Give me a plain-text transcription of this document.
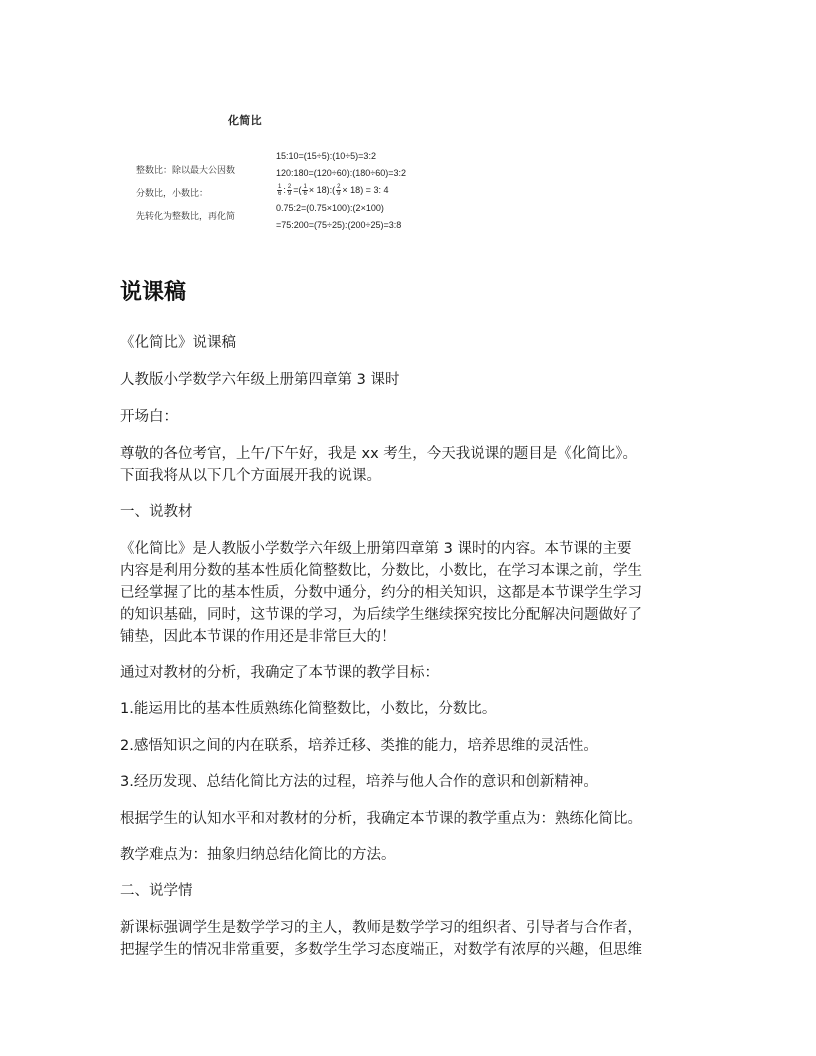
化简比
整数比：除以最大公因数
分数比，小数比：
先转化为整数比，再化简
15:10=(15÷5):(10÷5)=3:2
120:180=(120÷60):(180÷60)=3:2
$\frac{1}{6}$ : $\frac{2}{9}$ =( $\frac{1}{6}$ × 18):( $\frac{2}{9} \times 18) = 3$: 4
0.75:2=(0.75×100):(2×100)
=75:200=(75÷25):(200÷25)=3:8
说课稿

《化简比》说课稿

人教版小学数学六年级上册第四章第 3 课时

开场白：

尊敬的各位考官，上午/下午好，我是 xx 考生，今天我说课的题目是《化简比》。

下面我将从以下几个方面展开我的说课。

一、说教材

《化简比》是人教版小学数学六年级上册第四章第 3 课时的内容。本节课的主要

内容是利用分数的基本性质化简整数比，分数比，小数比，在学习本课之前，学生

已经掌握了比的基本性质，分数中通分，约分的相关知识，这都是本节课学生学习

的知识基础，同时，这节课的学习，为后续学生继续探究按比分配解决问题做好了

铺垫，因此本节课的作用还是非常巨大的！

通过对教材的分析，我确定了本节课的教学目标：

1.能运用比的基本性质熟练化简整数比，小数比，分数比。

2.感悟知识之间的内在联系，培养迁移、类推的能力，培养思维的灵活性。

3.经历发现、总结化简比方法的过程，培养与他人合作的意识和创新精神。

根据学生的认知水平和对教材的分析，我确定本节课的教学重点为：熟练化简比。

教学难点为：抽象归纳总结化简比的方法。

二、说学情

新课标强调学生是数学学习的主人，教师是数学学习的组织者、引导者与合作者，

把握学生的情况非常重要，多数学生学习态度端正，对数学有浓厚的兴趣，但思维
